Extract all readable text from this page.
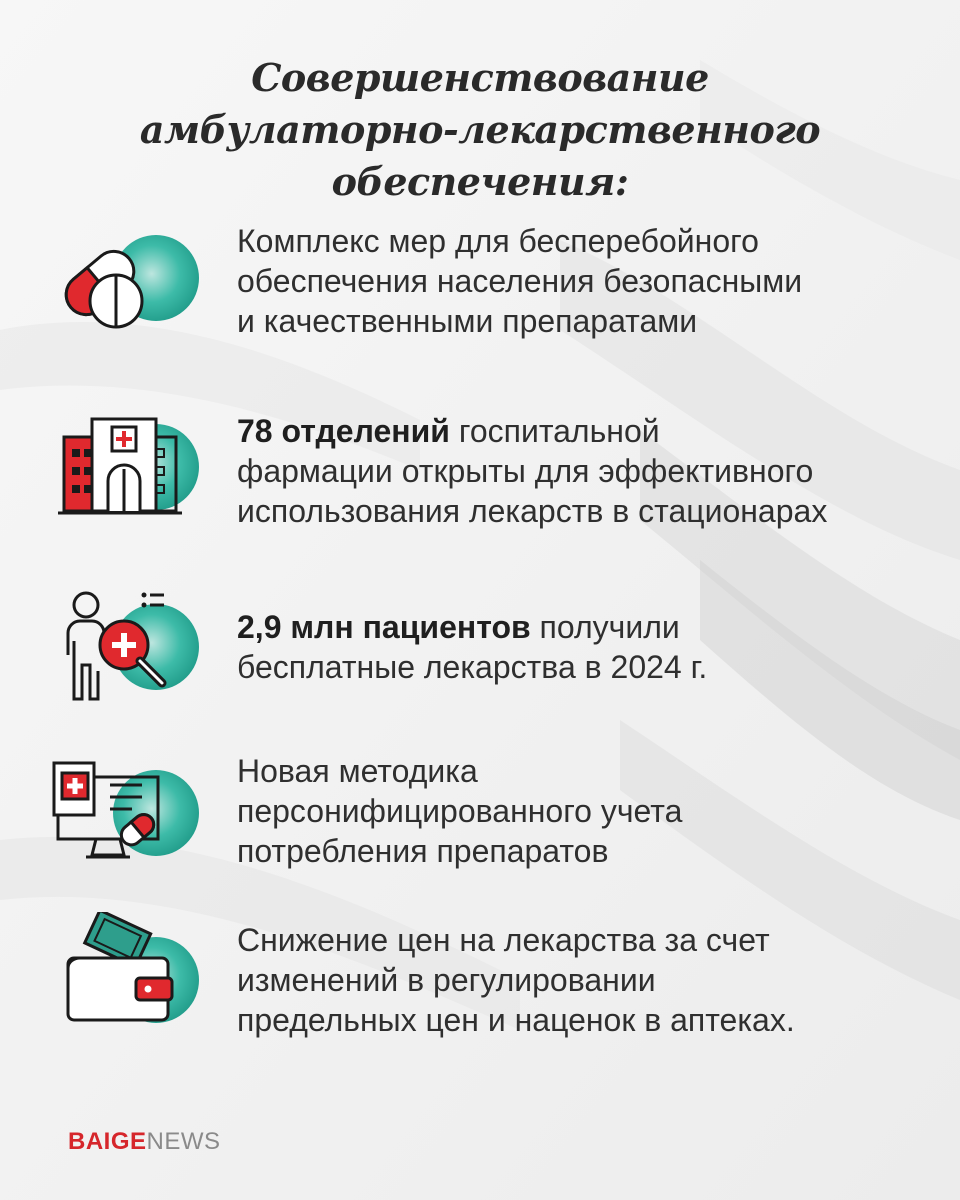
Совершенствование
амбулаторно-лекарственного обеспечения:
Комплекс мер для бесперебойного
обеспечения населения безопасными
и качественными препаратами
78 отделений госпитальной
фармации открыты для эффективного
использования лекарств в стационарах
2,9 млн пациентов получили
бесплатные лекарства в 2024 г.
Новая методика
персонифицированного учета
потребления препаратов
Снижение цен на лекарства за счет
изменений в регулировании
предельных цен и наценок в аптеках.
BAIGENEWS
